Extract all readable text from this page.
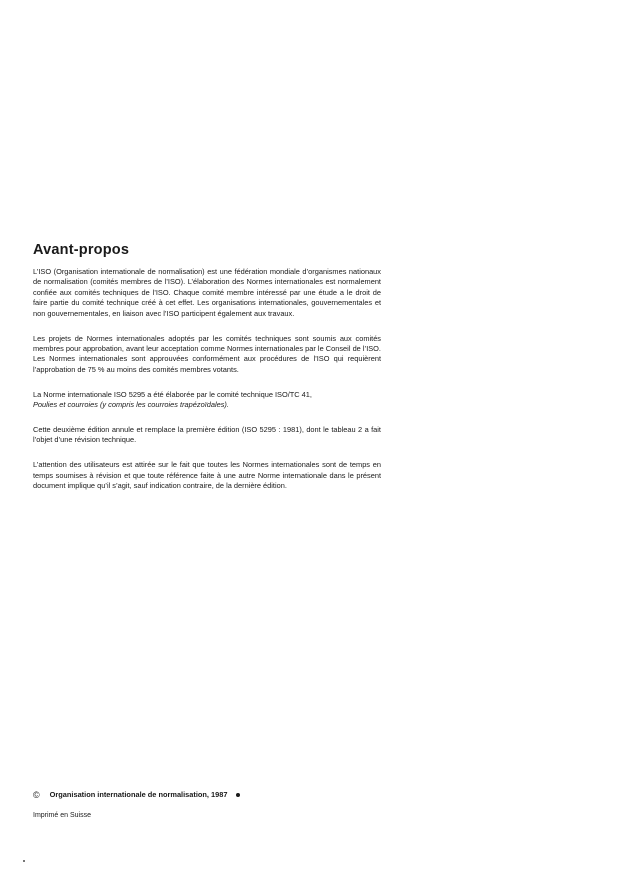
Avant-propos

L’ISO (Organisation internationale de normalisation) est une fédération mondiale d’organismes nationaux de normalisation (comités membres de l’ISO). L’élaboration des Normes internationales est normalement confiée aux comités techniques de l’ISO. Chaque comité membre intéressé par une étude a le droit de faire partie du comité technique créé à cet effet. Les organisations internationales, gouvernementales et non gouvernementales, en liaison avec l’ISO participent également aux travaux.

Les projets de Normes internationales adoptés par les comités techniques sont soumis aux comités membres pour approbation, avant leur acceptation comme Normes internationales par le Conseil de l’ISO. Les Normes internationales sont approuvées conformément aux procédures de l’ISO qui requièrent l’approbation de 75 % au moins des comités membres votants.

La Norme internationale ISO 5295 a été élaborée par le comité technique ISO/TC 41,
Poulies et courroies (y compris les courroies trapézoïdales).

Cette deuxième édition annule et remplace la première édition (ISO 5295 : 1981), dont le tableau 2 a fait l’objet d’une révision technique.

L’attention des utilisateurs est attirée sur le fait que toutes les Normes internationales sont de temps en temps soumises à révision et que toute référence faite à une autre Norme internationale dans le présent document implique qu’il s’agit, sauf indication contraire, de la dernière édition.

© Organisation internationale de normalisation, 1987
Imprimé en Suisse
